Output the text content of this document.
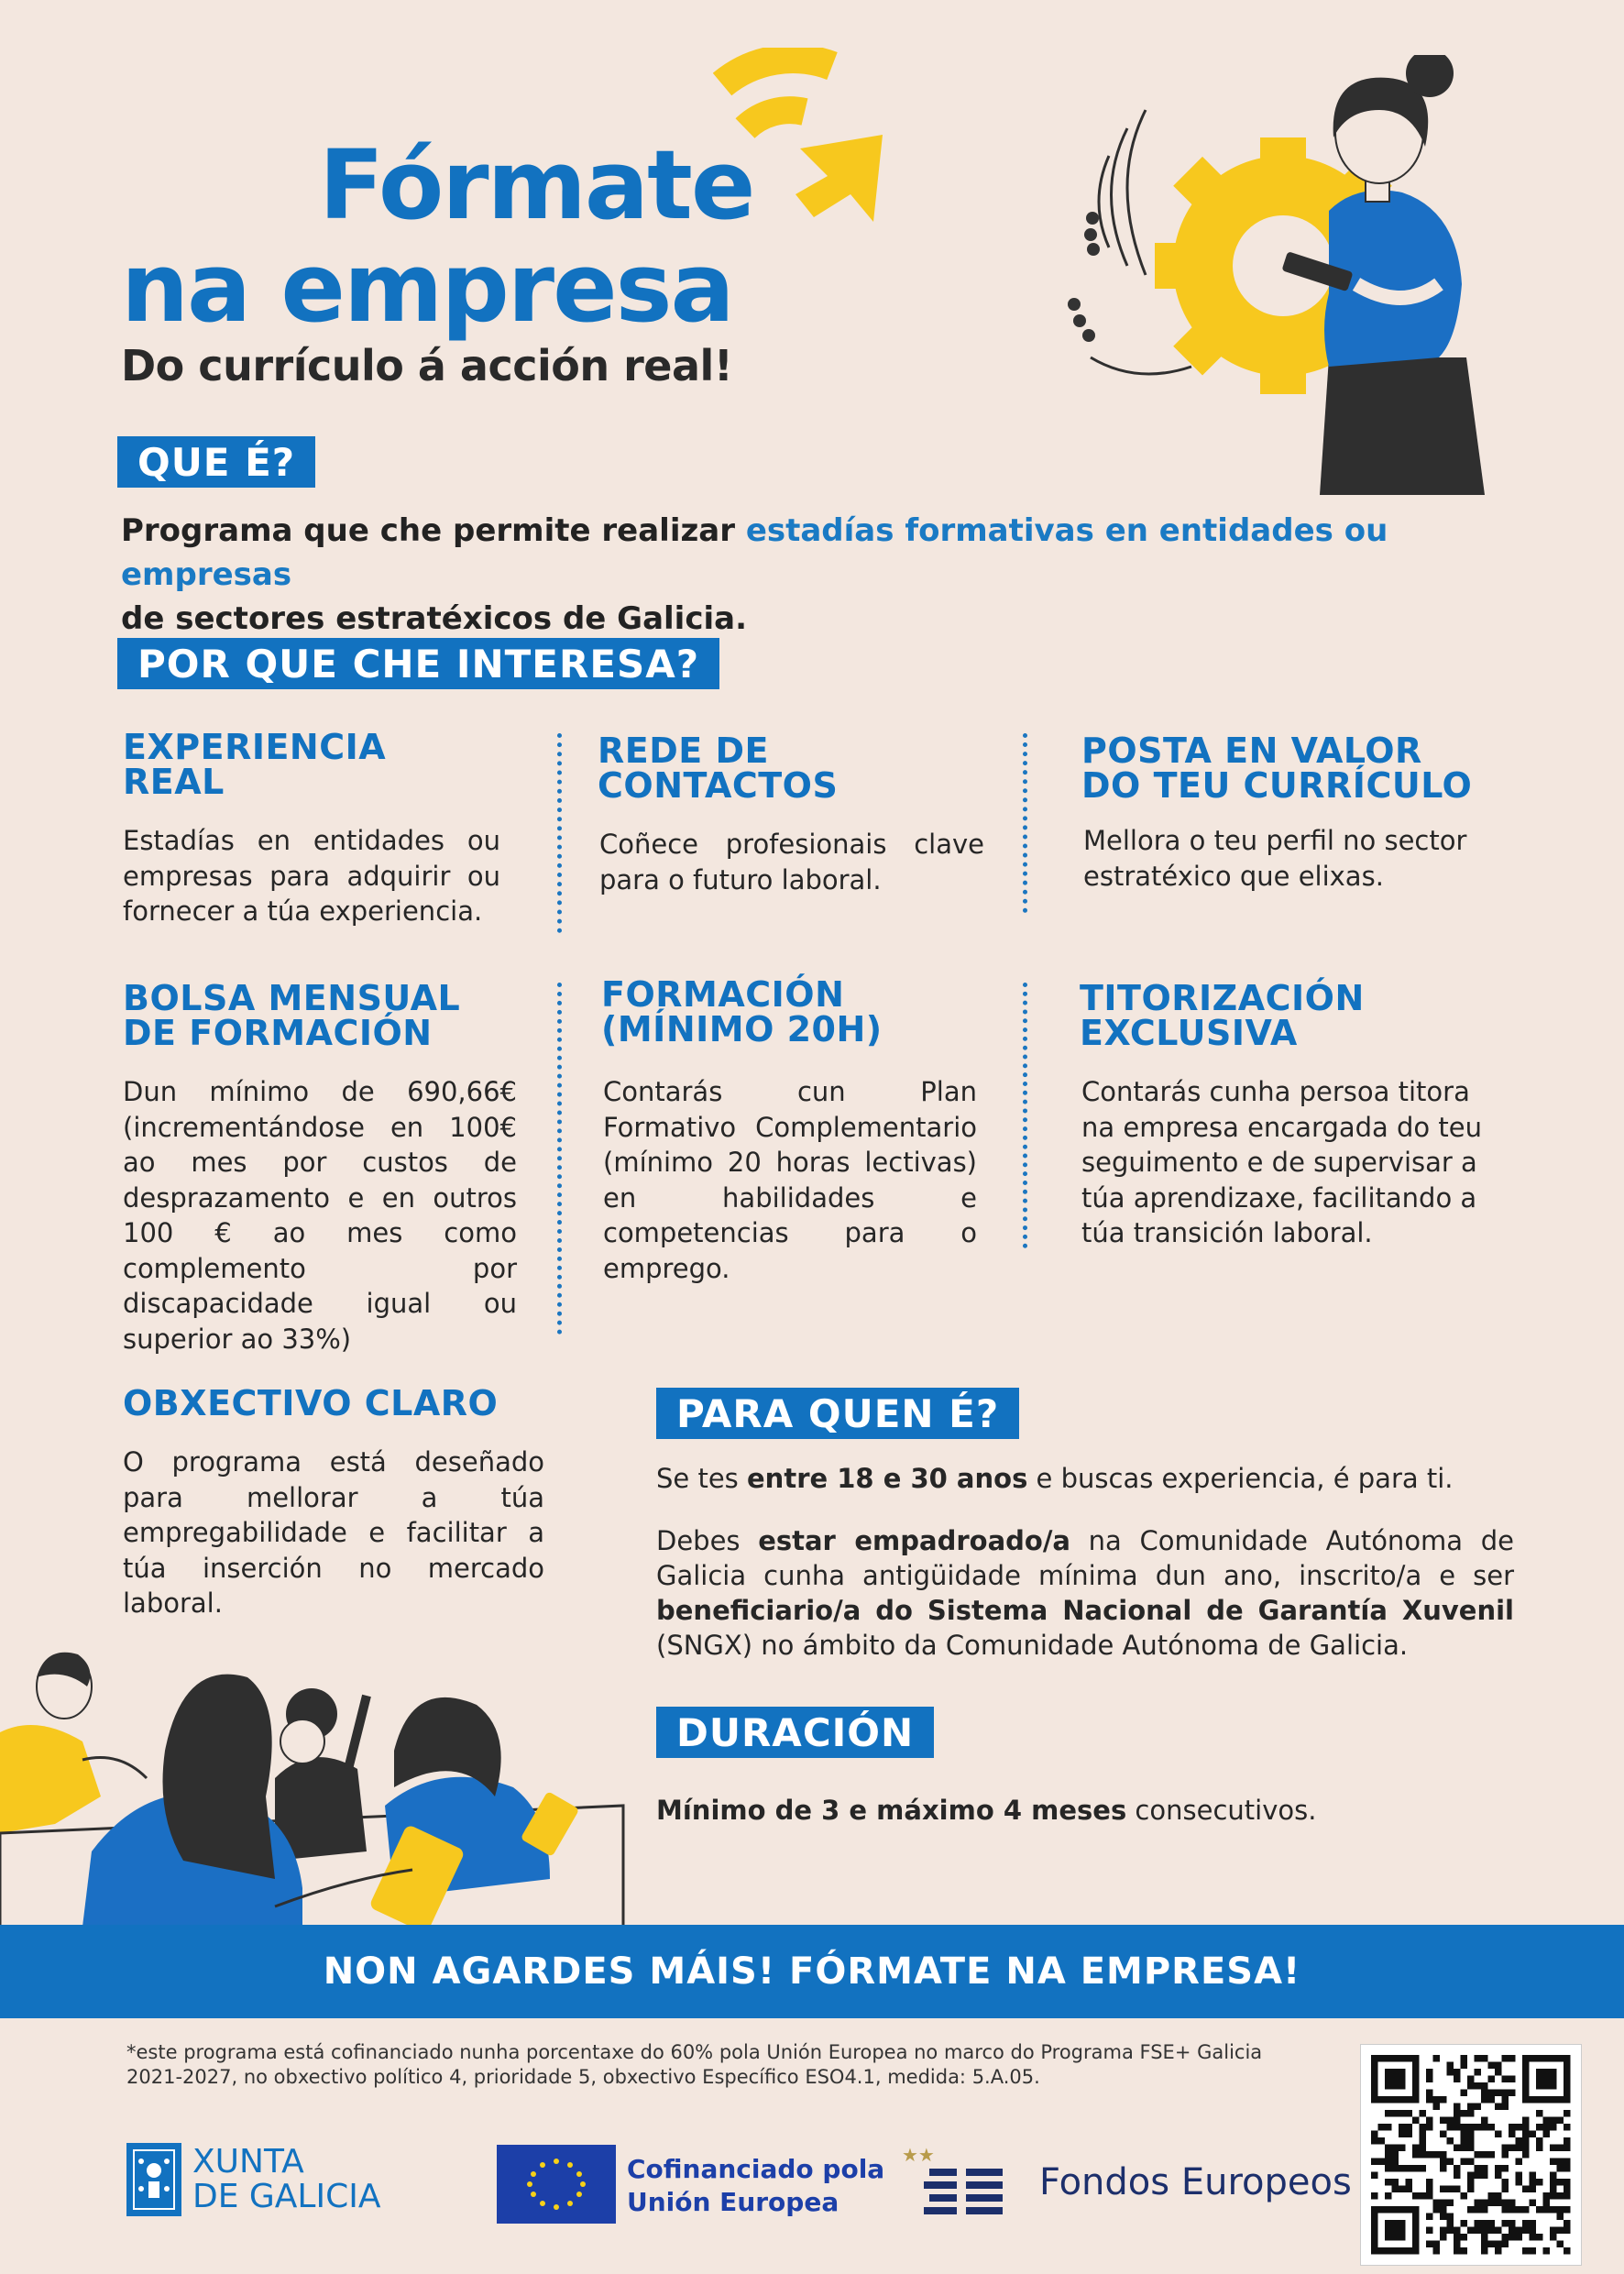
Fórmate
na empresa
Do currículo á acción real!
QUE É?
Programa que che permite realizar estadías formativas en entidades ou empresas
de sectores estratéxicos de Galicia.
POR QUE CHE INTERESA?
EXPERIENCIA
REAL
Estadías en entidades ou empresas para adquirir ou fornecer a túa experiencia.
REDE DE
CONTACTOS
Coñece profesionais clave para o futuro laboral.
POSTA EN VALOR
DO TEU CURRÍCULO
Mellora o teu perfil no sector estratéxico que elixas.
BOLSA MENSUAL
DE FORMACIÓN
Dun mínimo de 690,66€ (incrementándose en 100€ ao mes por custos de desprazamento e en outros 100 € ao mes como complemento por discapacidade igual ou superior ao 33%)
FORMACIÓN
(MÍNIMO 20H)
Contarás cun Plan Formativo Complementario (mínimo 20 horas lectivas) en habilidades e competencias para o emprego.
TITORIZACIÓN
EXCLUSIVA
Contarás cunha persoa titora na empresa encargada do teu seguimento e de supervisar a túa aprendizaxe, facilitando a túa transición laboral.
OBXECTIVO CLARO
O programa está deseñado para mellorar a túa empregabilidade e facilitar a túa inserción no mercado laboral.
PARA QUEN É?
Se tes entre 18 e 30 anos e buscas experiencia, é para ti.
Debes estar empadroado/a na Comunidade Autónoma de Galicia cunha antigüidade mínima dun ano, inscrito/a e ser beneficiario/a do Sistema Nacional de Garantía Xuvenil (SNGX) no ámbito da Comunidade Autónoma de Galicia.
DURACIÓN
Mínimo de 3 e máximo 4 meses consecutivos.
NON AGARDES MÁIS! FÓRMATE NA EMPRESA!
*este programa está cofinanciado nunha porcentaxe do 60% pola Unión Europea no marco do Programa FSE+ Galicia 2021-2027, no obxectivo político 4, prioridade 5, obxectivo Específico ESO4.1, medida: 5.A.05.
XUNTA
DE GALICIA
Cofinanciado pola
Unión Europea
★★
Fondos Europeos
